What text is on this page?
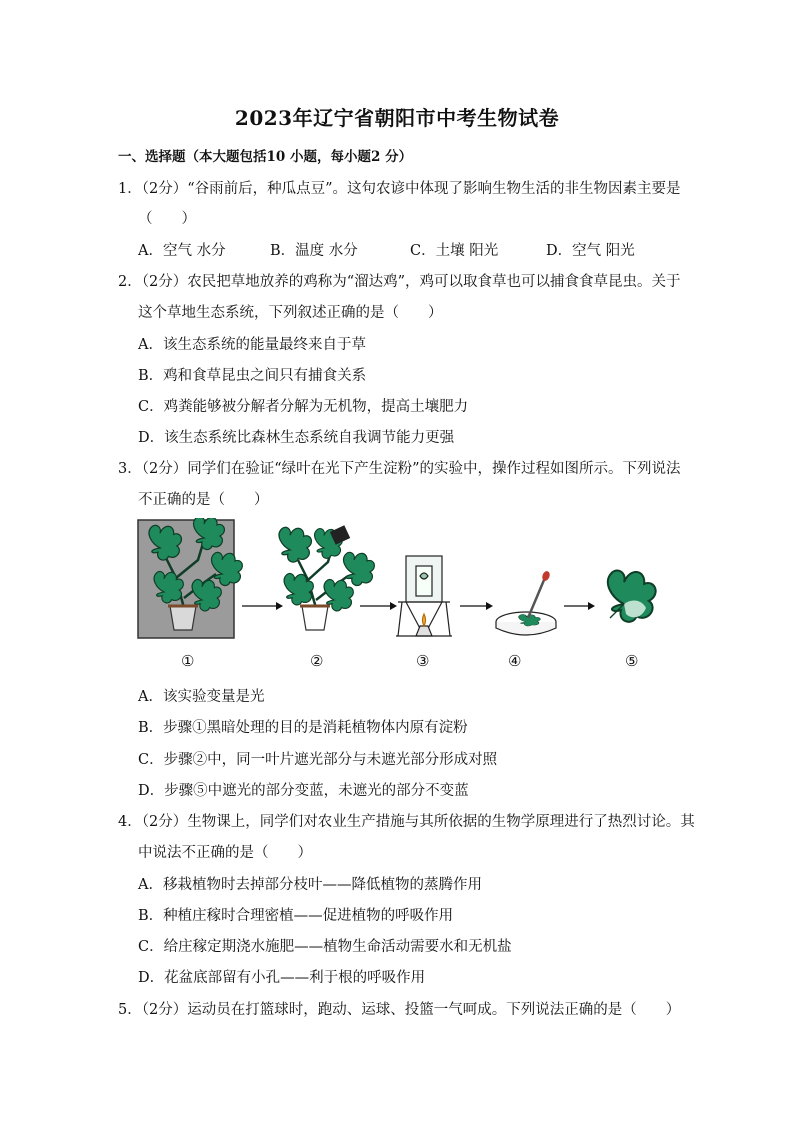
2023年辽宁省朝阳市中考生物试卷
一、选择题（本大题包括10 小题，每小题2 分）
1．（2分）“谷雨前后，种瓜点豆”。这句农谚中体现了影响生物生活的非生物因素主要是
（　　）
A．空气 水分	B．温度 水分	C．土壤 阳光	D．空气 阳光
2．（2分）农民把草地放养的鸡称为“溜达鸡”，鸡可以取食草也可以捕食食草昆虫。关于
这个草地生态系统，下列叙述正确的是（　　）
A．该生态系统的能量最终来自于草
B．鸡和食草昆虫之间只有捕食关系
C．鸡粪能够被分解者分解为无机物，提高土壤肥力
D．该生态系统比森林生态系统自我调节能力更强
3．（2分）同学们在验证“绿叶在光下产生淀粉”的实验中，操作过程如图所示。下列说法
不正确的是（　　）
①	②	③	④	⑤
A．该实验变量是光
B．步骤①黑暗处理的目的是消耗植物体内原有淀粉
C．步骤②中，同一叶片遮光部分与未遮光部分形成对照
D．步骤⑤中遮光的部分变蓝，未遮光的部分不变蓝
4．（2分）生物课上，同学们对农业生产措施与其所依据的生物学原理进行了热烈讨论。其
中说法不正确的是（　　）
A．移栽植物时去掉部分枝叶——降低植物的蒸腾作用
B．种植庄稼时合理密植——促进植物的呼吸作用
C．给庄稼定期浇水施肥——植物生命活动需要水和无机盐
D．花盆底部留有小孔——利于根的呼吸作用
5．（2分）运动员在打篮球时，跑动、运球、投篮一气呵成。下列说法正确的是（　　）
